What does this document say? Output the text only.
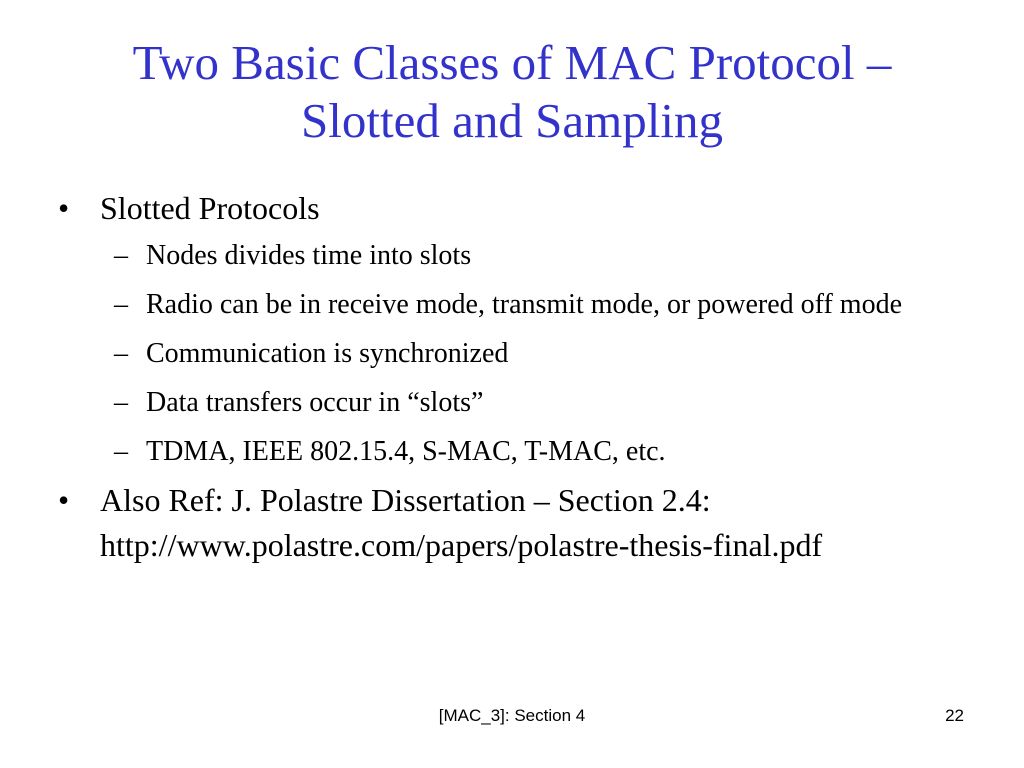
Two Basic Classes of MAC Protocol –
Slotted and Sampling
• Slotted Protocols
– Nodes divides time into slots
– Radio can be in receive mode, transmit mode, or powered off mode
– Communication is synchronized
– Data transfers occur in “slots”
– TDMA, IEEE 802.15.4, S-MAC, T-MAC, etc.
• Also Ref: J. Polastre Dissertation – Section 2.4: http://www.polastre.com/papers/polastre-thesis-final.pdf
[MAC_3]: Section 4	22
